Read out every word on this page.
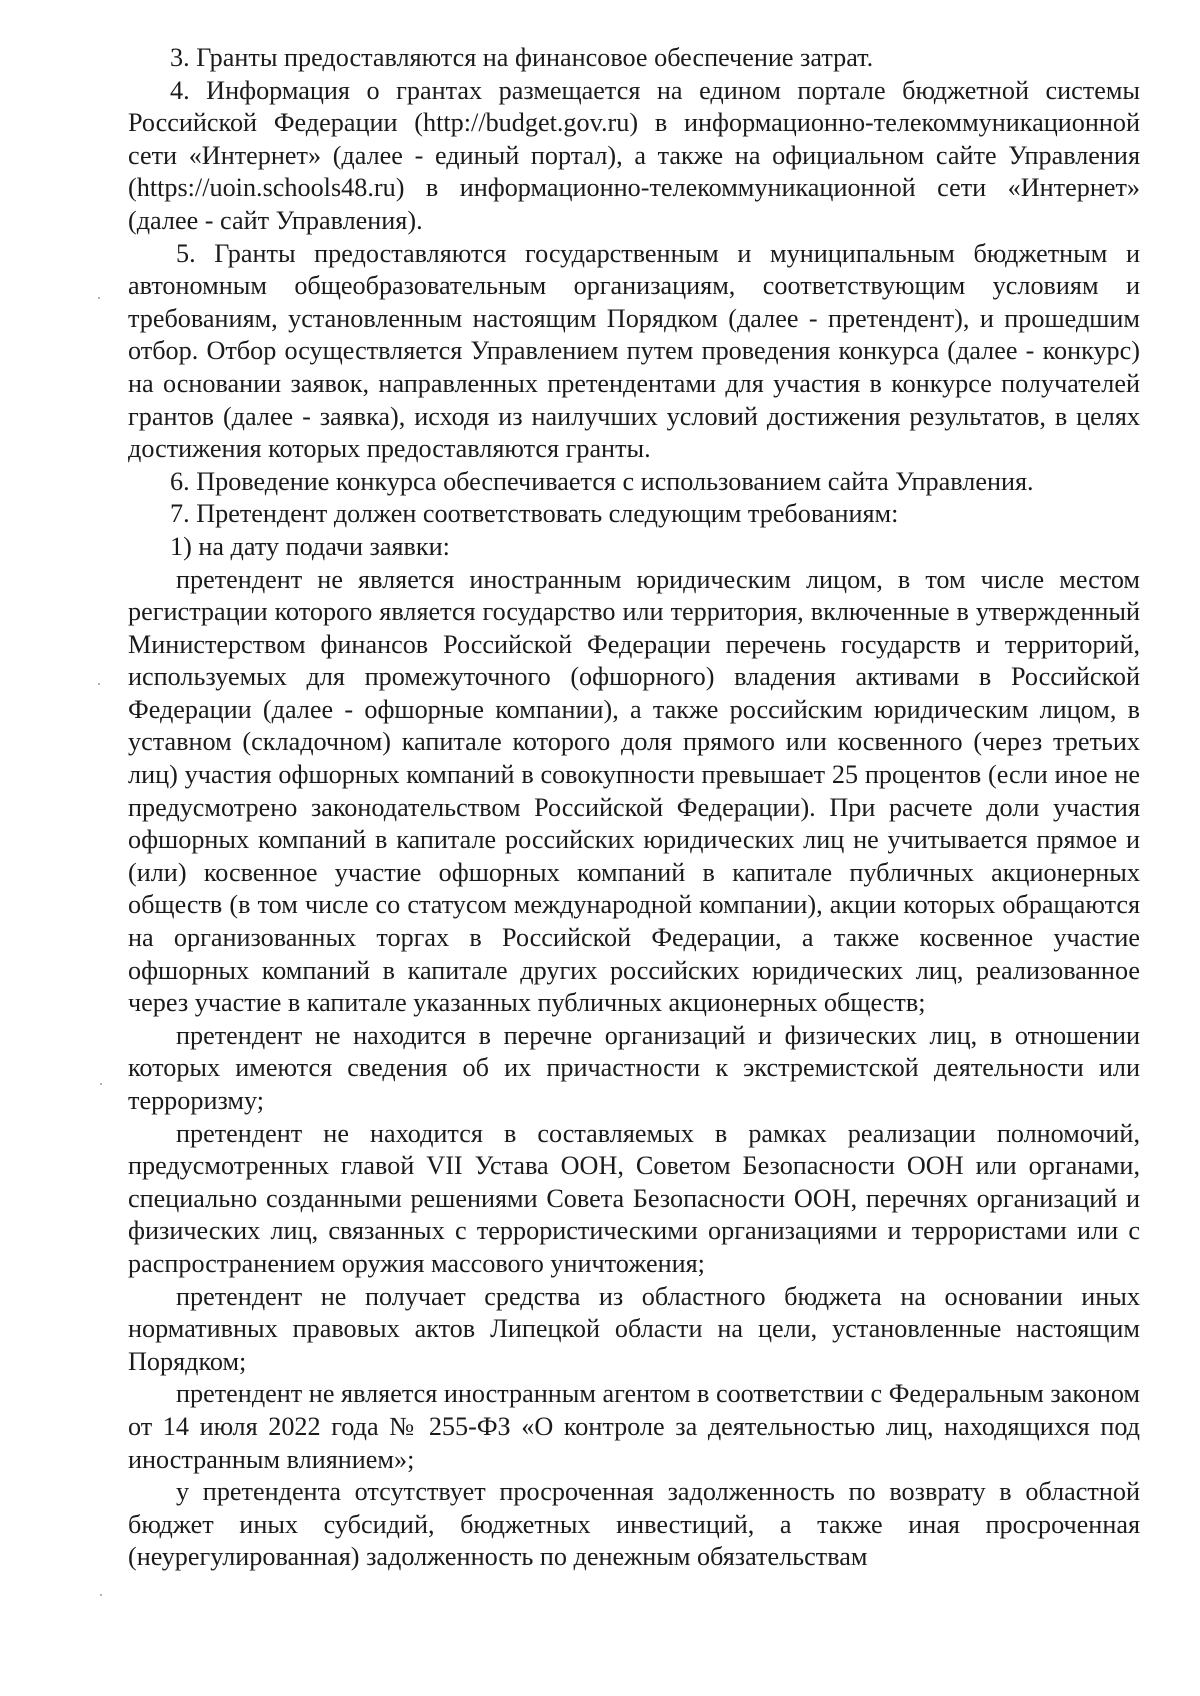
3. Гранты предоставляются на финансовое обеспечение затрат.

4. Информация о грантах размещается на едином портале бюджетной системы Российской Федерации (http://budget.gov.ru) в информационно-телекоммуникационной сети «Интернет» (далее - единый портал), а также на официальном сайте Управления (https://uoin.schools48.ru) в информационно-телекоммуникационной сети «Интернет» (далее - сайт Управления).

5. Гранты предоставляются государственным и муниципальным бюджетным и автономным общеобразовательным организациям, соответствующим условиям и требованиям, установленным настоящим Порядком (далее - претендент), и прошедшим отбор. Отбор осуществляется Управлением путем проведения конкурса (далее - конкурс) на основании заявок, направленных претендентами для участия в конкурсе получателей грантов (далее - заявка), исходя из наилучших условий достижения результатов, в целях достижения которых предоставляются гранты.

6. Проведение конкурса обеспечивается с использованием сайта Управления.

7. Претендент должен соответствовать следующим требованиям:

1) на дату подачи заявки:

претендент не является иностранным юридическим лицом, в том числе местом регистрации которого является государство или территория, включенные в утвержденный Министерством финансов Российской Федерации перечень государств и территорий, используемых для промежуточного (офшорного) владения активами в Российской Федерации (далее - офшорные компании), а также российским юридическим лицом, в уставном (складочном) капитале которого доля прямого или косвенного (через третьих лиц) участия офшорных компаний в совокупности превышает 25 процентов (если иное не предусмотрено законодательством Российской Федерации). При расчете доли участия офшорных компаний в капитале российских юридических лиц не учитывается прямое и (или) косвенное участие офшорных компаний в капитале публичных акционерных обществ (в том числе со статусом международной компании), акции которых обращаются на организованных торгах в Российской Федерации, а также косвенное участие офшорных компаний в капитале других российских юридических лиц, реализованное через участие в капитале указанных публичных акционерных обществ;

претендент не находится в перечне организаций и физических лиц, в отношении которых имеются сведения об их причастности к экстремистской деятельности или терроризму;

претендент не находится в составляемых в рамках реализации полномочий, предусмотренных главой VII Устава ООН, Советом Безопасности ООН или органами, специально созданными решениями Совета Безопасности ООН, перечнях организаций и физических лиц, связанных с террористическими организациями и террористами или с распространением оружия массового уничтожения;

претендент не получает средства из областного бюджета на основании иных нормативных правовых актов Липецкой области на цели, установленные настоящим Порядком;

претендент не является иностранным агентом в соответствии с Федеральным законом от 14 июля 2022 года № 255-ФЗ «О контроле за деятельностью лиц, находящихся под иностранным влиянием»;

у претендента отсутствует просроченная задолженность по возврату в областной бюджет иных субсидий, бюджетных инвестиций, а также иная просроченная (неурегулированная) задолженность по денежным обязательствам
